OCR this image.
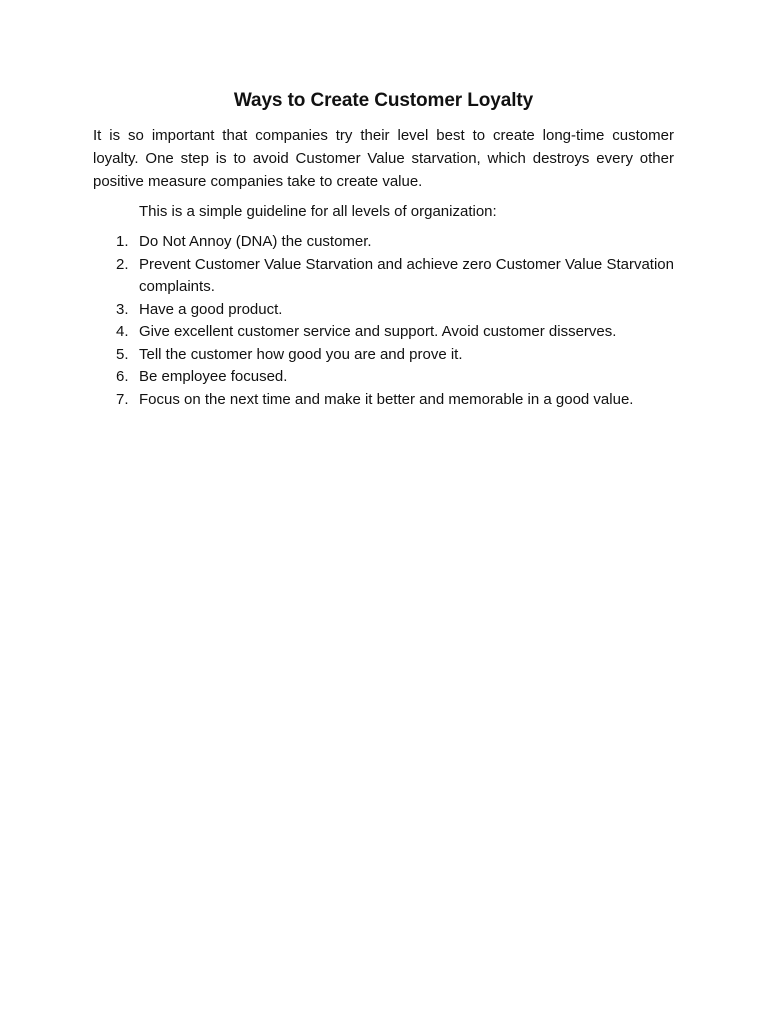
Ways to Create Customer Loyalty

It is so important that companies try their level best to create long-time customer loyalty. One step is to avoid Customer Value starvation, which destroys every other positive measure companies take to create value.

This is a simple guideline for all levels of organization:

1. Do Not Annoy (DNA) the customer.
2. Prevent Customer Value Starvation and achieve zero Customer Value Starvation complaints.
3. Have a good product.
4. Give excellent customer service and support. Avoid customer disserves.
5. Tell the customer how good you are and prove it.
6. Be employee focused.
7. Focus on the next time and make it better and memorable in a good value.
